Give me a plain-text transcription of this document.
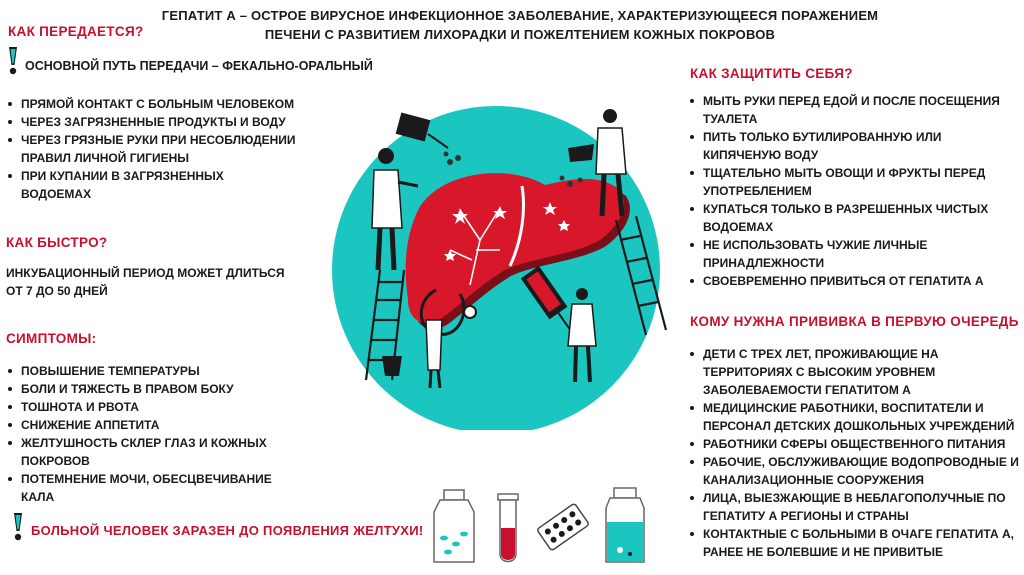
ГЕПАТИТ А – ОСТРОЕ ВИРУСНОЕ ИНФЕКЦИОННОЕ ЗАБОЛЕВАНИЕ, ХАРАКТЕРИЗУЮЩЕЕСЯ ПОРАЖЕНИЕМ
ПЕЧЕНИ С РАЗВИТИЕМ ЛИХОРАДКИ И ПОЖЕЛТЕНИЕМ КОЖНЫХ ПОКРОВОВ
КАК ПЕРЕДАЕТСЯ?
ОСНОВНОЙ ПУТЬ ПЕРЕДАЧИ – ФЕКАЛЬНО-ОРАЛЬНЫЙ
ПРЯМОЙ КОНТАКТ С БОЛЬНЫМ ЧЕЛОВЕКОМ
ЧЕРЕЗ ЗАГРЯЗНЕННЫЕ ПРОДУКТЫ И ВОДУ
ЧЕРЕЗ ГРЯЗНЫЕ РУКИ ПРИ НЕСОБЛЮДЕНИИ ПРАВИЛ ЛИЧНОЙ ГИГИЕНЫ
ПРИ КУПАНИИ В ЗАГРЯЗНЕННЫХ ВОДОЕМАХ
КАК БЫСТРО?
ИНКУБАЦИОННЫЙ ПЕРИОД МОЖЕТ ДЛИТЬСЯ ОТ 7 ДО 50 ДНЕЙ
СИМПТОМЫ:
ПОВЫШЕНИЕ ТЕМПЕРАТУРЫ
БОЛИ И ТЯЖЕСТЬ В ПРАВОМ БОКУ
ТОШНОТА И РВОТА
СНИЖЕНИЕ АППЕТИТА
ЖЕЛТУШНОСТЬ СКЛЕР ГЛАЗ И КОЖНЫХ ПОКРОВОВ
ПОТЕМНЕНИЕ МОЧИ, ОБЕСЦВЕЧИВАНИЕ КАЛА
БОЛЬНОЙ ЧЕЛОВЕК ЗАРАЗЕН ДО ПОЯВЛЕНИЯ ЖЕЛТУХИ!
КАК ЗАЩИТИТЬ СЕБЯ?
МЫТЬ РУКИ ПЕРЕД ЕДОЙ И ПОСЛЕ ПОСЕЩЕНИЯ ТУАЛЕТА
ПИТЬ ТОЛЬКО БУТИЛИРОВАННУЮ ИЛИ КИПЯЧЕНУЮ ВОДУ
ТЩАТЕЛЬНО МЫТЬ ОВОЩИ И ФРУКТЫ ПЕРЕД УПОТРЕБЛЕНИЕМ
КУПАТЬСЯ ТОЛЬКО В РАЗРЕШЕННЫХ ЧИСТЫХ ВОДОЕМАХ
НЕ ИСПОЛЬЗОВАТЬ ЧУЖИЕ ЛИЧНЫЕ ПРИНАДЛЕЖНОСТИ
СВОЕВРЕМЕННО ПРИВИТЬСЯ ОТ ГЕПАТИТА А
КОМУ НУЖНА ПРИВИВКА В ПЕРВУЮ ОЧЕРЕДЬ
ДЕТИ С ТРЕХ ЛЕТ, ПРОЖИВАЮЩИЕ НА ТЕРРИТОРИЯХ С ВЫСОКИМ УРОВНЕМ ЗАБОЛЕВАЕМОСТИ ГЕПАТИТОМ А
МЕДИЦИНСКИЕ РАБОТНИКИ, ВОСПИТАТЕЛИ И ПЕРСОНАЛ ДЕТСКИХ ДОШКОЛЬНЫХ УЧРЕЖДЕНИЙ
РАБОТНИКИ СФЕРЫ ОБЩЕСТВЕННОГО ПИТАНИЯ
РАБОЧИЕ, ОБСЛУЖИВАЮЩИЕ ВОДОПРОВОДНЫЕ И КАНАЛИЗАЦИОННЫЕ СООРУЖЕНИЯ
ЛИЦА, ВЫЕЗЖАЮЩИЕ В НЕБЛАГОПОЛУЧНЫЕ ПО ГЕПАТИТУ А РЕГИОНЫ И СТРАНЫ
КОНТАКТНЫЕ С БОЛЬНЫМИ В ОЧАГЕ ГЕПАТИТА А, РАНЕЕ НЕ БОЛЕВШИЕ И НЕ ПРИВИТЫЕ
